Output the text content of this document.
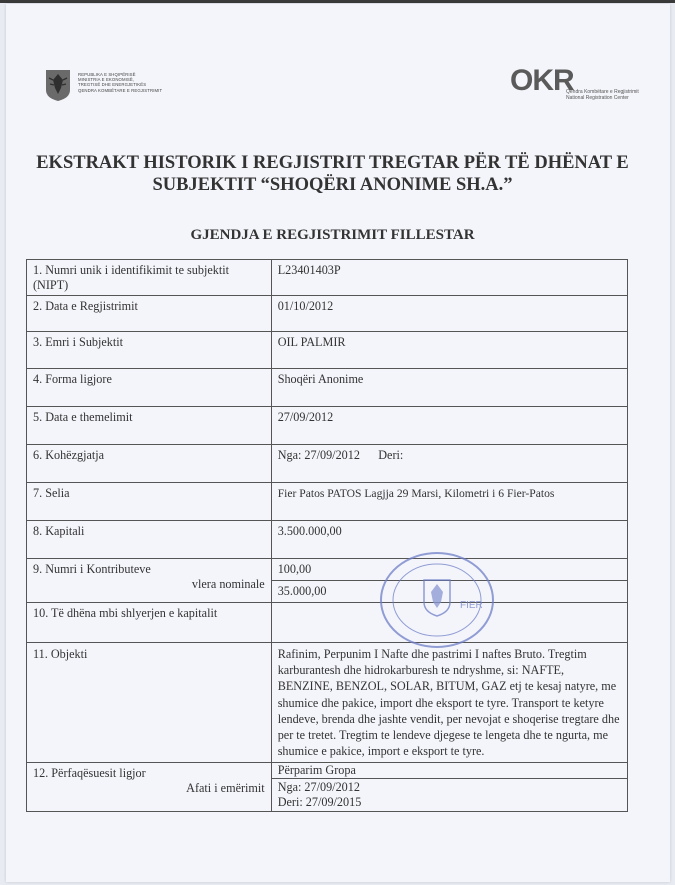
REPUBLIKA E SHQIPËRISË
MINISTRIA E EKONOMISË,
TREGTISË DHE ENERGJETIKËS
QENDRA KOMBËTARE E REGJISTRIMIT	OKR
Qendra Kombëtare e Regjistrimit
National Registration Center
EKSTRAKT HISTORIK I REGJISTRIT TREGTAR PËR TË DHËNAT E
SUBJEKTIT “SHOQËRI ANONIME SH.A.”
GJENDJA E REGJISTRIMIT FILLESTAR
1. Numri unik i identifikimit te subjektit (NIPT)	L23401403P
2. Data e Regjistrimit	01/10/2012
3. Emri i Subjektit	OIL PALMIR
4. Forma ligjore	Shoqëri Anonime
5. Data e themelimit	27/09/2012
6. Kohëzgjatja	Nga: 27/09/2012      Deri:
7. Selia	Fier Patos PATOS Lagjja 29 Marsi, Kilometri i 6 Fier-Patos
8. Kapitali	3.500.000,00

9. Numri i Kontributeve
vlera nominale	100,00
	35.000,00
10. Të dhëna mbi shlyerjen e kapitalit	
11. Objekti	Rafinim, Perpunim I Nafte dhe pastrimi I naftes Bruto. Tregtim karburantesh dhe hidrokarburesh te ndryshme, si: NAFTE, BENZINE, BENZOL, SOLAR, BITUM, GAZ etj te kesaj natyre, me shumice dhe pakice, import dhe eksport te tyre. Transport te ketyre lendeve, brenda dhe jashte vendit, per nevojat e shoqerise tregtare dhe per te tretet. Tregtim te lendeve djegese te lengeta dhe te ngurta, me shumice e pakice, import e eksport te tyre.

12. Përfaqësuesit ligjor
Afati i emërimit	Përparim Gropa

	Nga: 27/09/2012
Deri: 27/09/2015
FIER
